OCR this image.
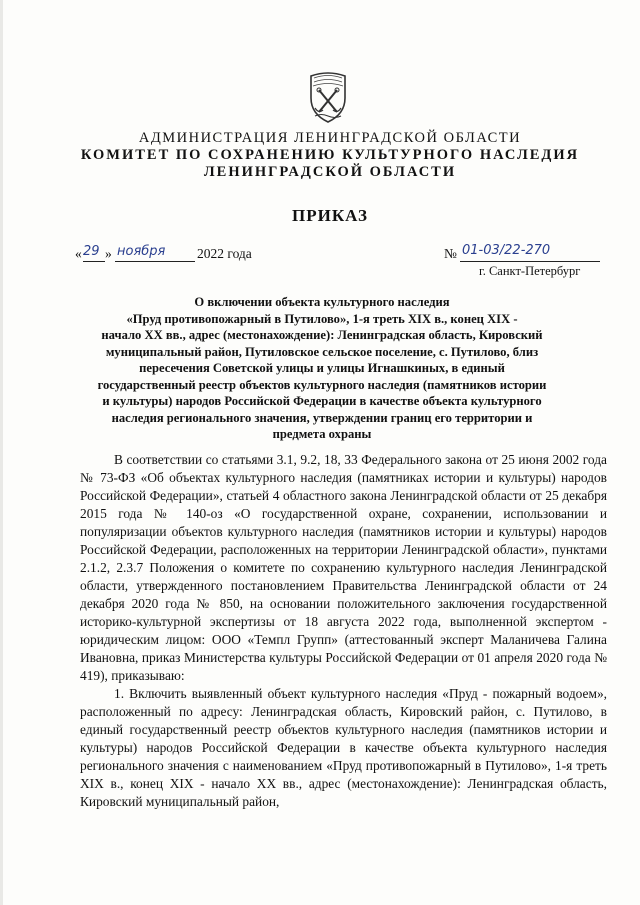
АДМИНИСТРАЦИЯ ЛЕНИНГРАДСКОЙ ОБЛАСТИ
КОМИТЕТ ПО СОХРАНЕНИЮ КУЛЬТУРНОГО НАСЛЕДИЯ
ЛЕНИНГРАДСКОЙ ОБЛАСТИ
ПРИКАЗ
« 29 » ноября 2022 года	№ 01-03/22-270
г. Санкт-Петербург
О включении объекта культурного наследия
«Пруд противопожарный в Путилово», 1-я треть XIX в., конец XIX -
начало XX вв., адрес (местонахождение): Ленинградская область, Кировский
муниципальный район, Путиловское сельское поселение, с. Путилово, близ
пересечения Советской улицы и улицы Игнашкиных, в единый
государственный реестр объектов культурного наследия (памятников истории
и культуры) народов Российской Федерации в качестве объекта культурного
наследия регионального значения, утверждении границ его территории и
предмета охраны

В соответствии со статьями 3.1, 9.2, 18, 33 Федерального закона от 25 июня 2002 года № 73-ФЗ «Об объектах культурного наследия (памятниках истории и культуры) народов Российской Федерации», статьей 4 областного закона Ленинградской области от 25 декабря 2015 года № 140-оз «О государственной охране, сохранении, использовании и популяризации объектов культурного наследия (памятников истории и культуры) народов Российской Федерации, расположенных на территории Ленинградской области», пунктами 2.1.2, 2.3.7 Положения о комитете по сохранению культурного наследия Ленинградской области, утвержденного постановлением Правительства Ленинградской области от 24 декабря 2020 года № 850, на основании положительного заключения государственной историко-культурной экспертизы от 18 августа 2022 года, выполненной экспертом - юридическим лицом: ООО «Темпл Групп» (аттестованный эксперт Маланичева Галина Ивановна, приказ Министерства культуры Российской Федерации от 01 апреля 2020 года № 419), приказываю:

1. Включить выявленный объект культурного наследия «Пруд - пожарный водоем», расположенный по адресу: Ленинградская область, Кировский район, с. Путилово, в единый государственный реестр объектов культурного наследия (памятников истории и культуры) народов Российской Федерации в качестве объекта культурного наследия регионального значения с наименованием «Пруд противопожарный в Путилово», 1-я треть XIX в., конец XIX - начало XX вв., адрес (местонахождение): Ленинградская область, Кировский муниципальный район,
